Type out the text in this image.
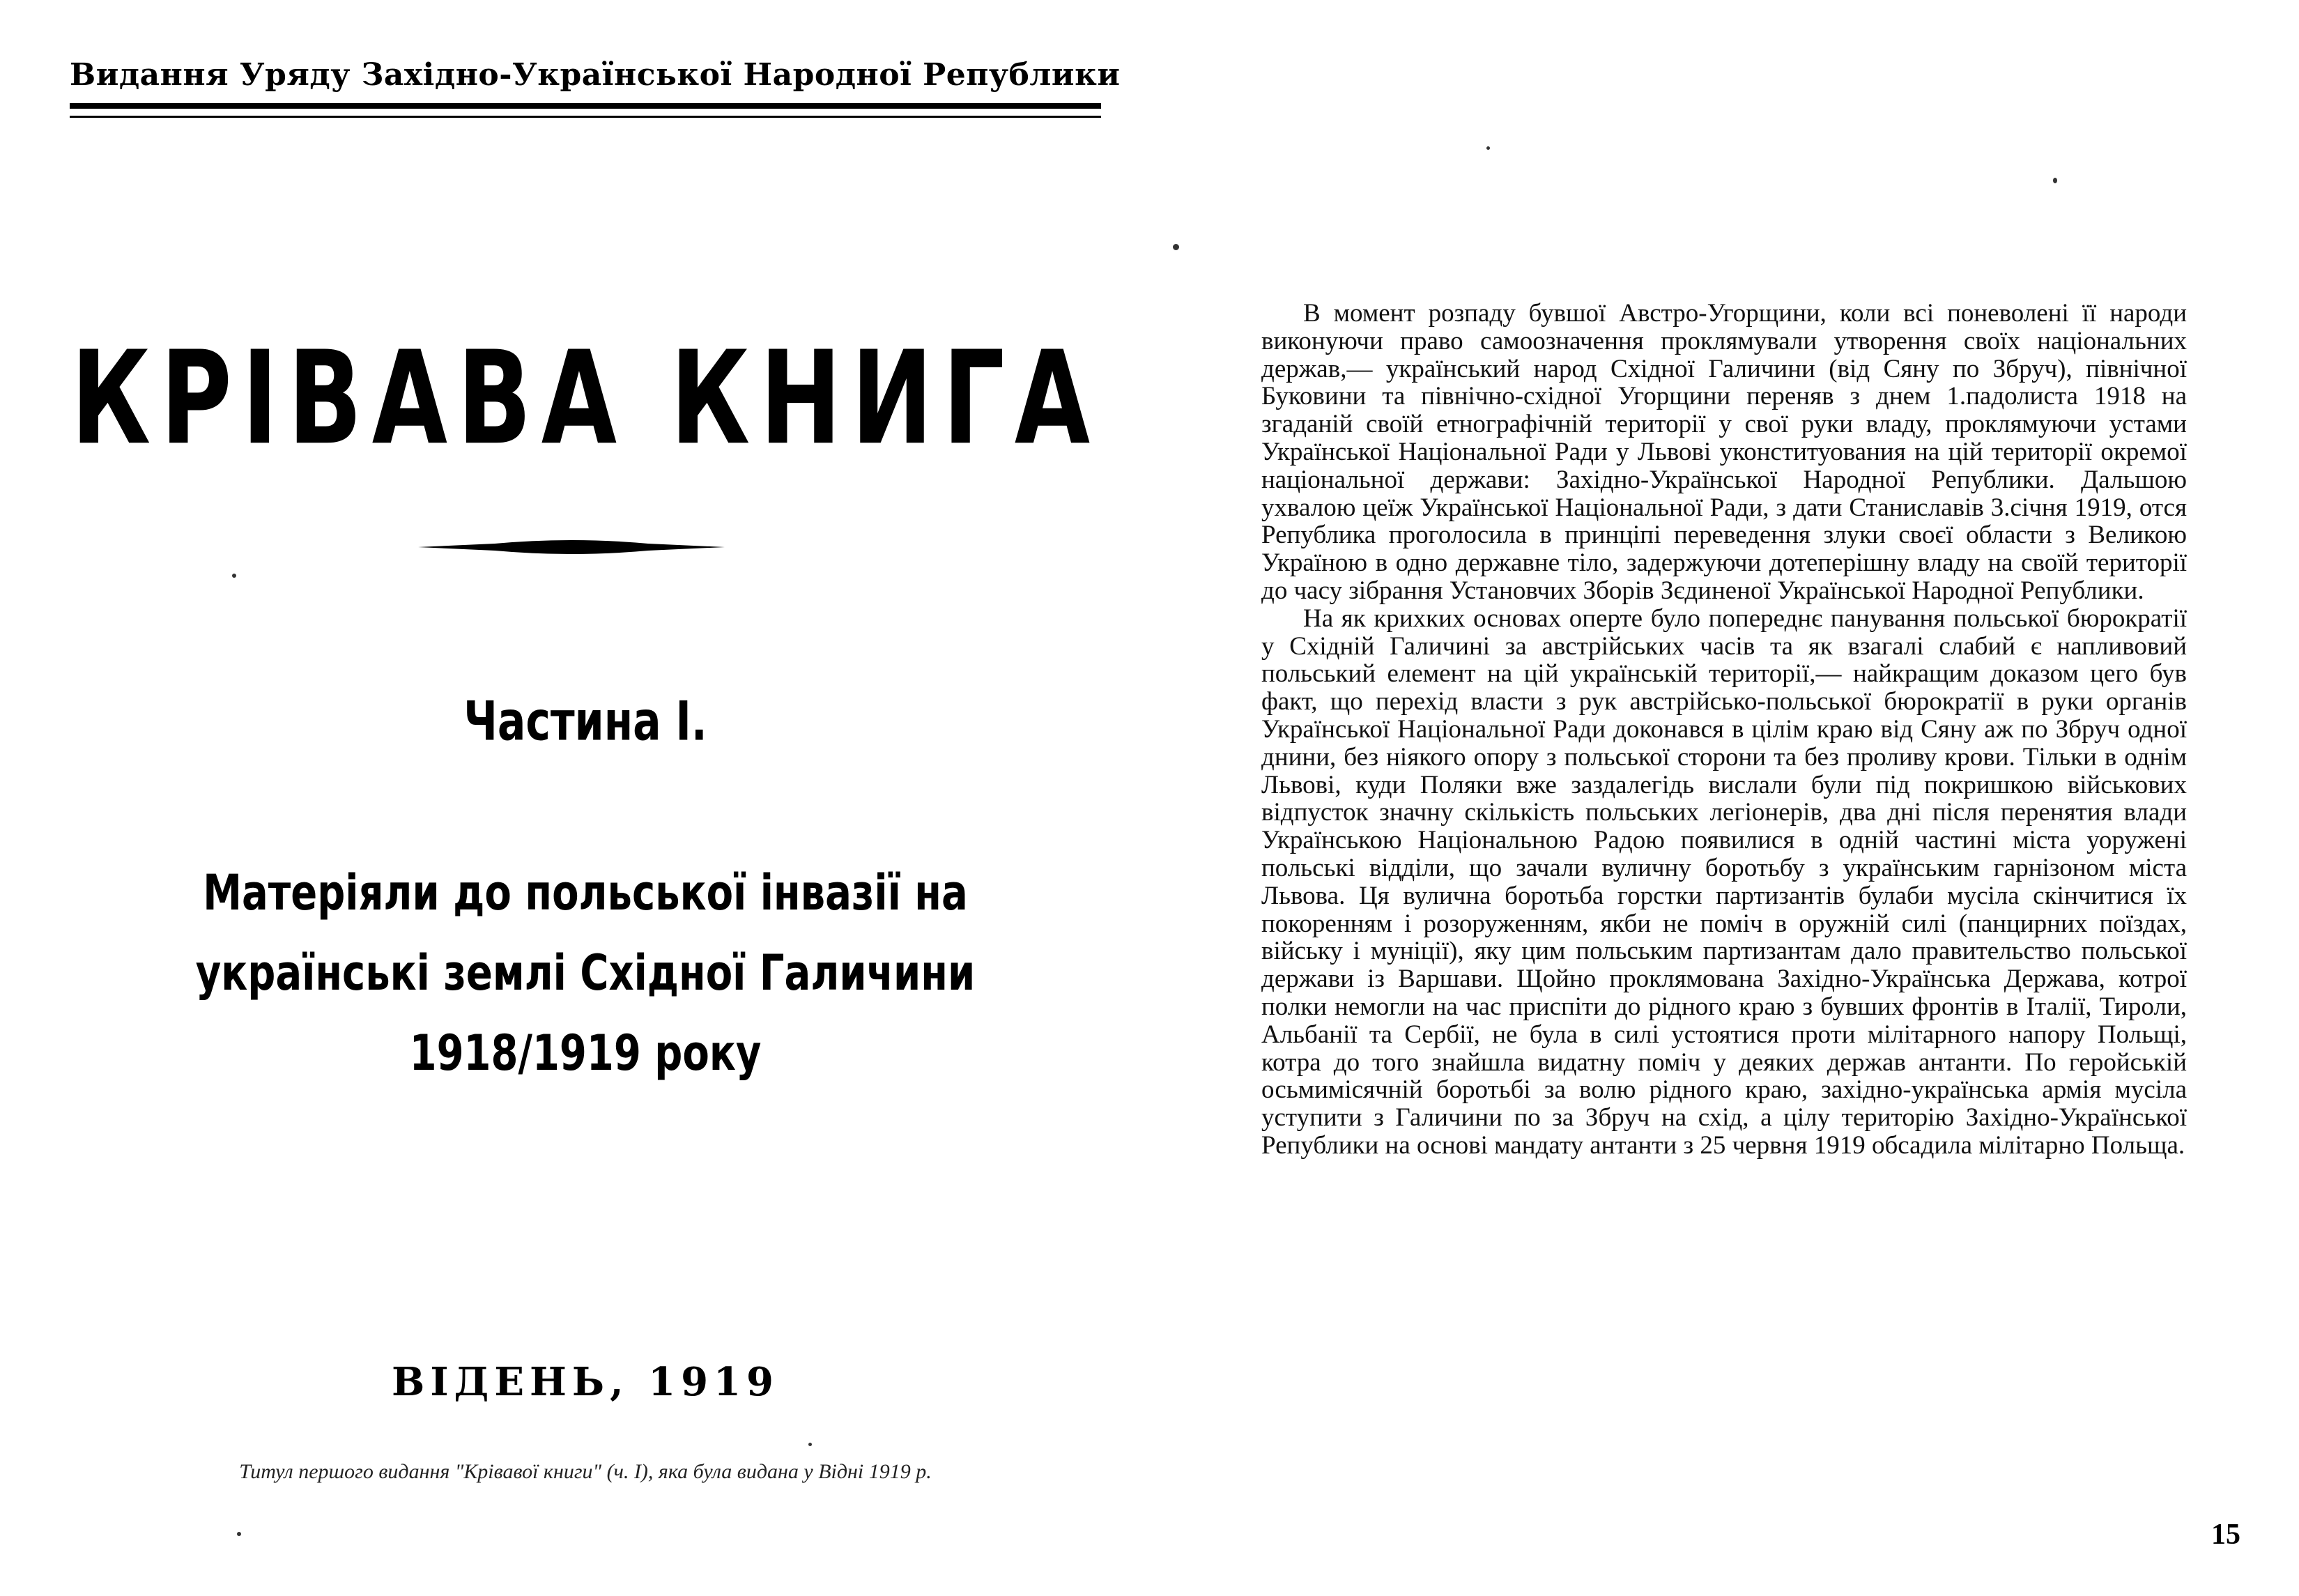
Видання Уряду Західно-Української Народної Републики
КРІВАВА КНИГА
Частина І.
Матеріяли до польської інвазії на
українські землі Східної Галичини
1918/1919 року
ВІДЕНЬ, 1919
Титул першого видання "Крівавої книги" (ч. І), яка була видана у Відні 1919 р.

В момент розпаду бувшої Австро-Угорщини, коли всі поневолені її народи виконуючи право самоозначення проклямували утворення своїх національних держав,— український народ Східної Галичини (від Сяну по Збруч), північної Буковини та північно-східної Угорщини переняв з днем 1.падолиста 1918 на згаданій своїй етнографічній території у свої руки владу, проклямуючи устами Української Національної Ради у Львові уконституования на цій території окремої національної держави: Західно-Української Народної Републики. Дальшою ухвалою цеїж Української Національної Ради, з дати Станиславів 3.січня 1919, отся Република проголосила в принціпі переведення злуки своєї области з Великою Україною в одно державне тіло, задержуючи дотеперішну владу на своїй території до часу зібрання Установчих Зборів Зєдиненої Української Народної Републики.

На як крихких основах оперте було попереднє панування польської бюрократії у Східній Галичині за австрійських часів та як взагалі слабий є напливовий польський елемент на цій українській території,— найкращим доказом цего був факт, що перехід власти з рук австрійсько-польської бюрократії в руки органів Української Національної Ради доконався в цілім краю від Сяну аж по Збруч одної днини, без ніякого опору з польської сторони та без проливу крови. Тільки в однім Львові, куди Поляки вже заздалегідь вислали були під покришкою військових відпусток значну скількість польських легіонерів, два дні після перенятия влади Українською Національною Радою появилися в одній частині міста уоружені польські відділи, що зачали вуличну боротьбу з українським гарнізоном міста Львова. Ця вулична боротьба горстки партизантів булаби мусіла скінчитися їх покоренням і розоруженням, якби не поміч в оружній силі (панцирних поїздах, війську і муніції), яку цим польським партизантам дало правительство польської держави із Варшави. Щойно проклямована Західно-Українська Держава, котрої полки немогли на час приспіти до рідного краю з бувших фронтів в Італії, Тироли, Альбанії та Сербії, не була в силі устоятися проти мілітарного напору Польщі, котра до того знайшла видатну поміч у деяких держав антанти. По геройській осьмимісячній боротьбі за волю рідного краю, західно-українська армія мусіла уступити з Галичини по за Збруч на схід, а цілу територію Західно-Української Републики на основі мандату антанти з 25 червня 1919 обсадила мілітарно Польща.

15
